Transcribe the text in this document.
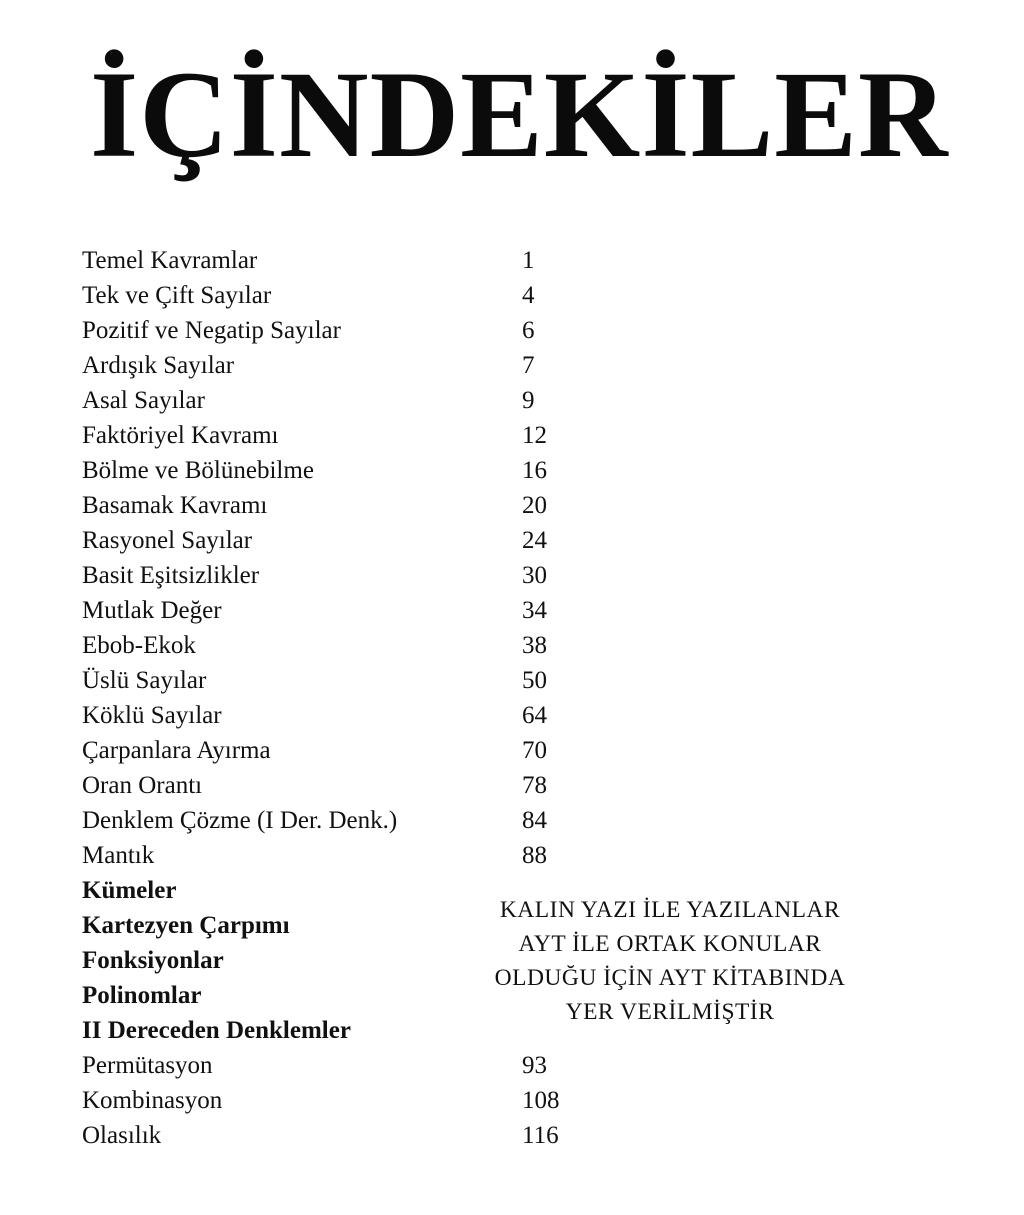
İÇİNDEKİLER
Temel Kavramlar	1
Tek ve Çift Sayılar	4
Pozitif ve Negatip Sayılar	6
Ardışık Sayılar	7
Asal Sayılar	9
Faktöriyel Kavramı	12
Bölme ve Bölünebilme	16
Basamak Kavramı	20
Rasyonel Sayılar	24
Basit Eşitsizlikler	30
Mutlak Değer	34
Ebob-Ekok	38
Üslü Sayılar	50
Köklü Sayılar	64
Çarpanlara Ayırma	70
Oran Orantı	78
Denklem Çözme (I Der. Denk.)	84
Mantık	88
Kümeler
Kartezyen Çarpımı
Fonksiyonlar
Polinomlar
II Dereceden Denklemler
Permütasyon	93
Kombinasyon	108
Olasılık	116
KALIN YAZI İLE YAZILANLAR
AYT İLE ORTAK KONULAR
OLDUĞU İÇİN AYT KİTABINDA
YER VERİLMİŞTİR
